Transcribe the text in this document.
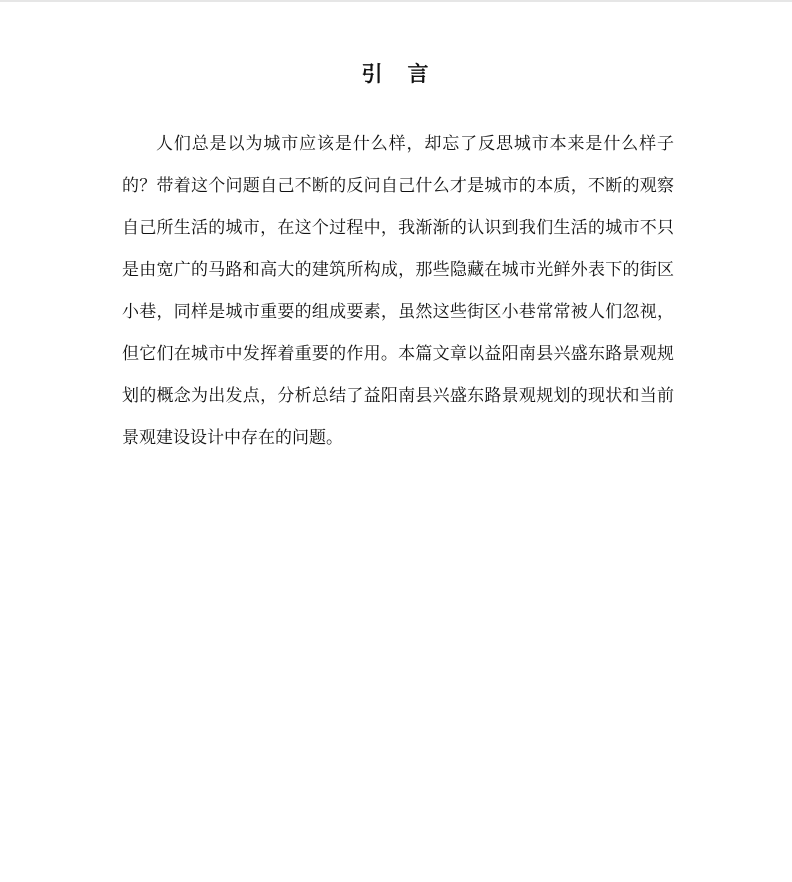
引　言

人们总是以为城市应该是什么样，却忘了反思城市本来是什么样子的？带着这个问题自己不断的反问自己什么才是城市的本质，不断的观察自己所生活的城市，在这个过程中，我渐渐的认识到我们生活的城市不只是由宽广的马路和高大的建筑所构成，那些隐藏在城市光鲜外表下的街区小巷，同样是城市重要的组成要素，虽然这些街区小巷常常被人们忽视，但它们在城市中发挥着重要的作用。本篇文章以益阳南县兴盛东路景观规划的概念为出发点，分析总结了益阳南县兴盛东路景观规划的现状和当前景观建设设计中存在的问题。
